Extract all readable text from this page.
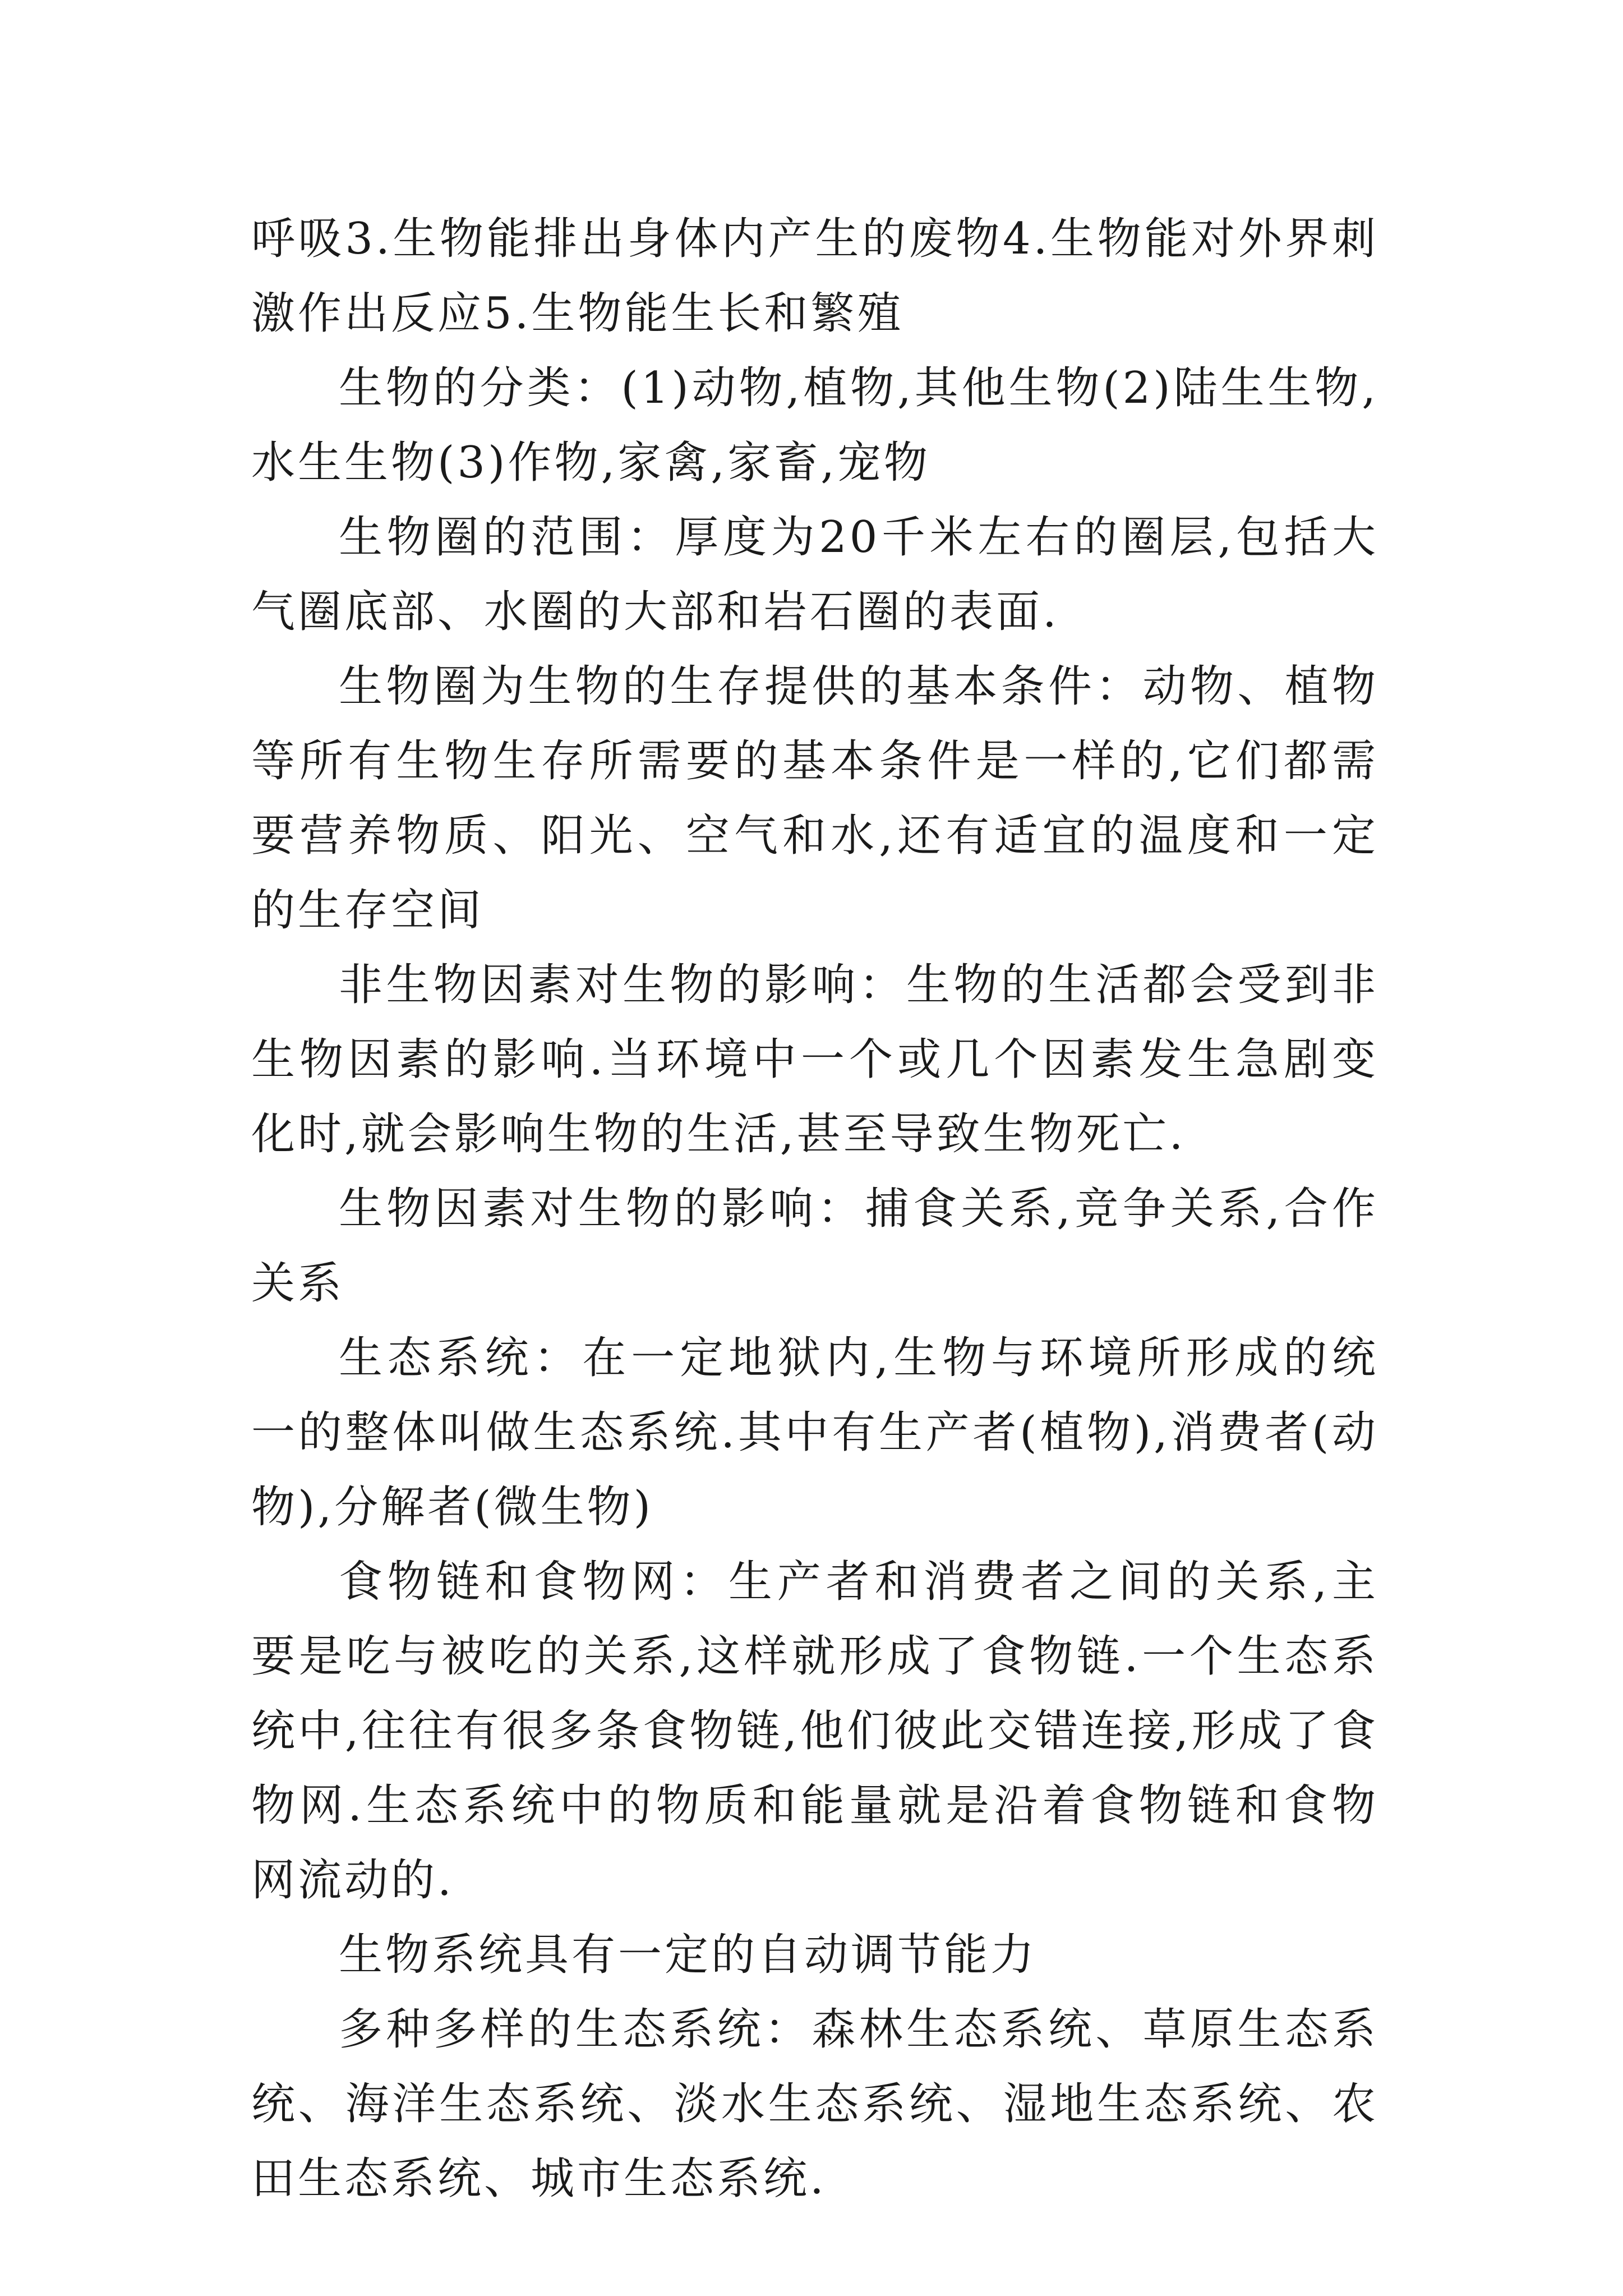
呼吸3.生物能排出身体内产生的废物4.生物能对外界刺激作出反应5.生物能生长和繁殖

生物的分类：(1)动物,植物,其他生物(2)陆生生物,水生生物(3)作物,家禽,家畜,宠物

生物圈的范围：厚度为20千米左右的圈层,包括大气圈底部、水圈的大部和岩石圈的表面.

生物圈为生物的生存提供的基本条件：动物、植物等所有生物生存所需要的基本条件是一样的,它们都需要营养物质、阳光、空气和水,还有适宜的温度和一定的生存空间

非生物因素对生物的影响：生物的生活都会受到非生物因素的影响.当环境中一个或几个因素发生急剧变化时,就会影响生物的生活,甚至导致生物死亡.

生物因素对生物的影响：捕食关系,竞争关系,合作关系

生态系统：在一定地狱内,生物与环境所形成的统一的整体叫做生态系统.其中有生产者(植物),消费者(动物),分解者(微生物)

食物链和食物网：生产者和消费者之间的关系,主要是吃与被吃的关系,这样就形成了食物链.一个生态系统中,往往有很多条食物链,他们彼此交错连接,形成了食物网.生态系统中的物质和能量就是沿着食物链和食物网流动的.

生物系统具有一定的自动调节能力

多种多样的生态系统：森林生态系统、草原生态系统、海洋生态系统、淡水生态系统、湿地生态系统、农田生态系统、城市生态系统.
